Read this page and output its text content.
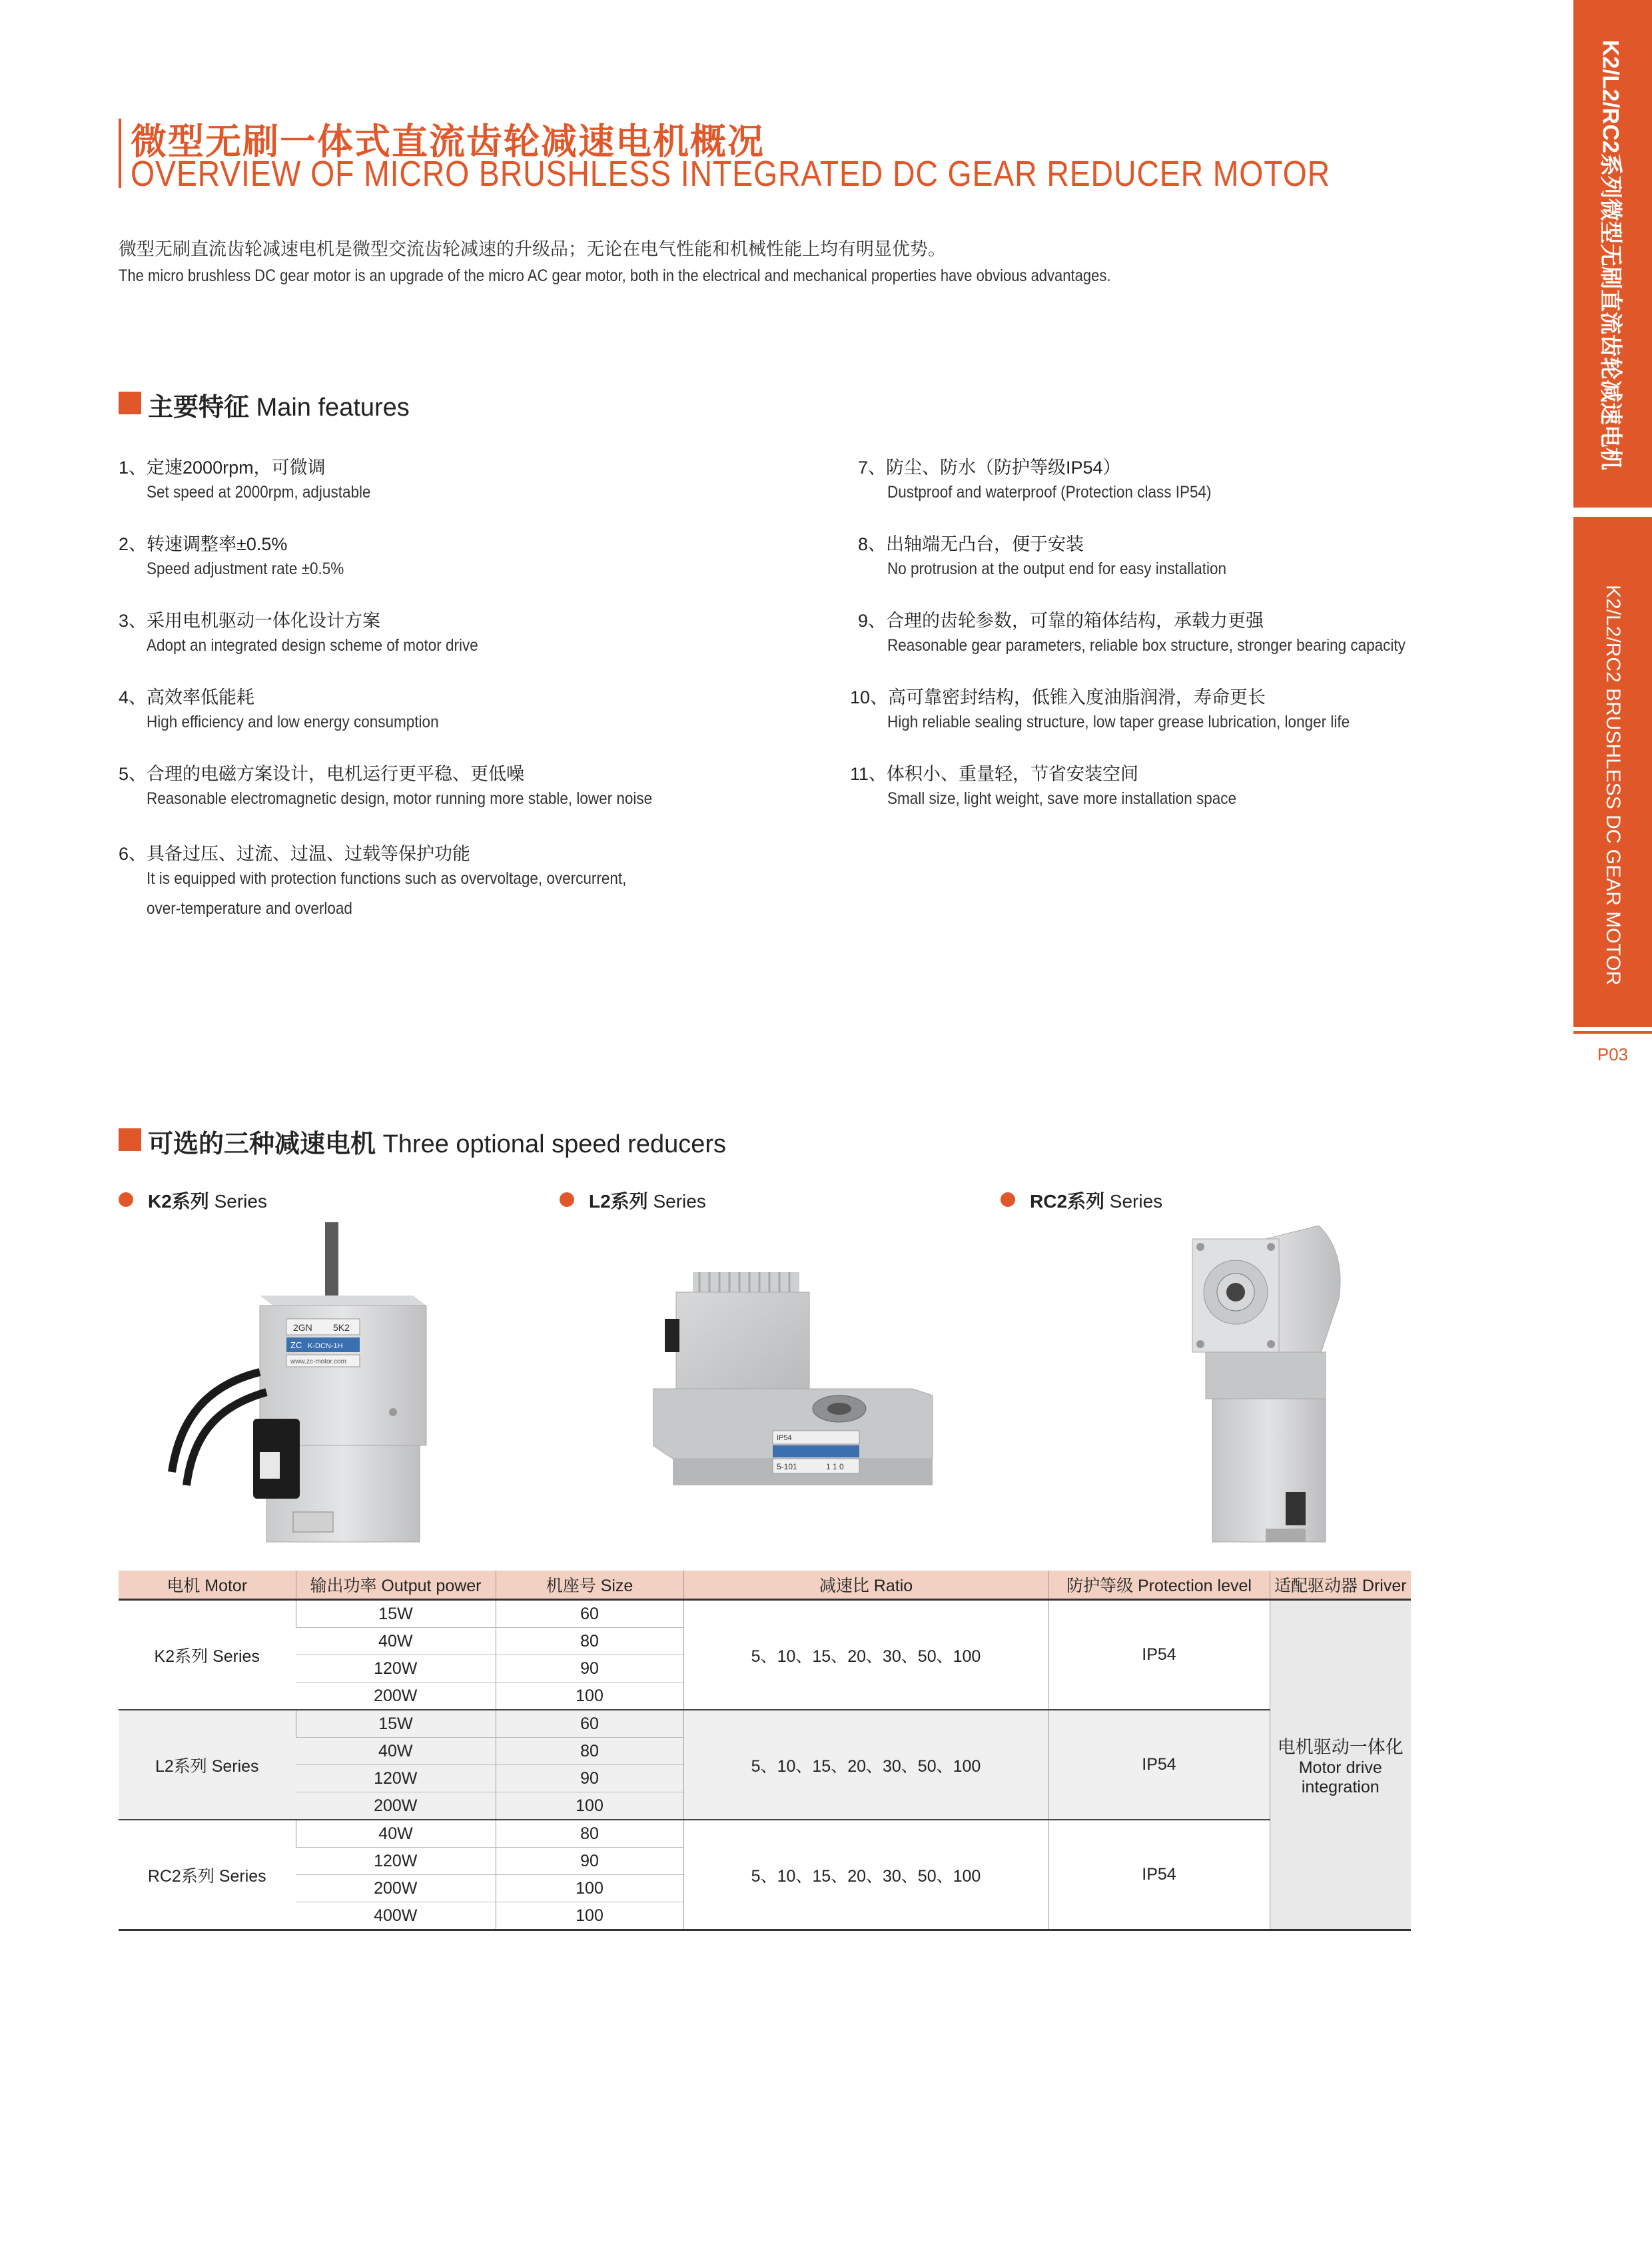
微型无刷一体式直流齿轮减速电机概况
OVERVIEW OF MICRO BRUSHLESS INTEGRATED DC GEAR REDUCER MOTOR
微型无刷直流齿轮减速电机是微型交流齿轮减速的升级品；无论在电气性能和机械性能上均有明显优势。
The micro brushless DC gear motor is an upgrade of the micro AC gear motor, both in the electrical and mechanical properties have obvious advantages.	K2/L2/RC2系列微型无刷直流齿轮减速电机
K2/L2/RC2 BRUSHLESS DC GEAR MOTOR
P03
主要特征 Main features
1、定速2000rpm，可微调
Set speed at 2000rpm, adjustable
2、转速调整率±0.5%
Speed adjustment rate ±0.5%
3、采用电机驱动一体化设计方案
Adopt an integrated design scheme of motor drive
4、高效率低能耗
High efficiency and low energy consumption
5、合理的电磁方案设计，电机运行更平稳、更低噪
Reasonable electromagnetic design, motor running more stable, lower noise
6、具备过压、过流、过温、过载等保护功能
It is equipped with protection functions such as overvoltage, overcurrent,
over-temperature and overload
7、防尘、防水（防护等级IP54）
Dustproof and waterproof (Protection class IP54)
8、出轴端无凸台，便于安装
No protrusion at the output end for easy installation
9、合理的齿轮参数，可靠的箱体结构，承载力更强
Reasonable gear parameters, reliable box structure, stronger bearing capacity
10、高可靠密封结构，低锥入度油脂润滑，寿命更长
High reliable sealing structure, low taper grease lubrication, longer life
11、体积小、重量轻，节省安装空间
Small size, light weight, save more installation space
可选的三种减速电机 Three optional speed reducers
K2系列 Series	L2系列 Series	RC2系列 Series
2GN 5K2
ZC K-DCN-1H
www.zc-motor.com
IP54
5-101	1 1 0
电机 Motor	输出功率 Output power	机座号 Size	减速比 Ratio	防护等级 Protection level	适配驱动器 Driver
K2系列 Series	15W	60	5、10、15、20、30、50、100	IP54	电机驱动一体化
Motor drive
integration

	40W	80			
	120W	90			
	200W	100			
L2系列 Series	15W	60	5、10、15、20、30、50、100	IP54	
	40W	80			
	120W	90			
	200W	100			
RC2系列 Series	40W	80	5、10、15、20、30、50、100	IP54	
	120W	90			
	200W	100			
	400W	100			
